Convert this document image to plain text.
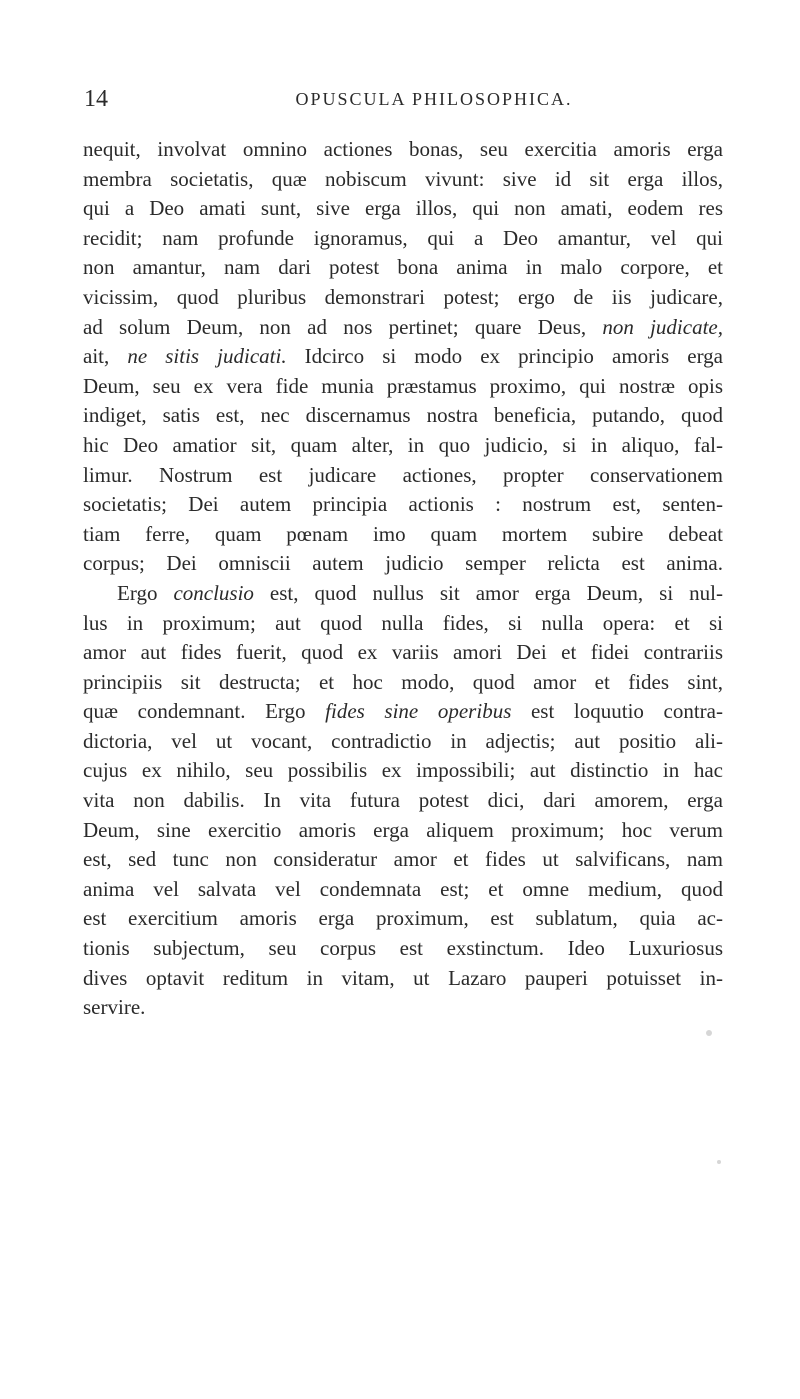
14	OPUSCULA PHILOSOPHICA.
nequit, involvat omnino actiones bonas, seu exercitia amoris erga
membra societatis, quæ nobiscum vivunt: sive id sit erga illos,
qui a Deo amati sunt, sive erga illos, qui non amati, eodem res
recidit; nam profunde ignoramus, qui a Deo amantur, vel qui
non amantur, nam dari potest bona anima in malo corpore, et
vicissim, quod pluribus demonstrari potest; ergo de iis judicare,
ad solum Deum, non ad nos pertinet; quare Deus, non judicate,
ait, ne sitis judicati. Idcirco si modo ex principio amoris erga
Deum, seu ex vera fide munia præstamus proximo, qui nostræ opis
indiget, satis est, nec discernamus nostra beneficia, putando, quod
hic Deo amatior sit, quam alter, in quo judicio, si in aliquo, fal-
limur. Nostrum est judicare actiones, propter conservationem
societatis; Dei autem principia actionis : nostrum est, senten-
tiam ferre, quam pœnam imo quam mortem subire debeat
corpus; Dei omniscii autem judicio semper relicta est anima.
Ergo conclusio est, quod nullus sit amor erga Deum, si nul-
lus in proximum; aut quod nulla fides, si nulla opera: et si
amor aut fides fuerit, quod ex variis amori Dei et fidei contrariis
principiis sit destructa; et hoc modo, quod amor et fides sint,
quæ condemnant. Ergo fides sine operibus est loquutio contra-
dictoria, vel ut vocant, contradictio in adjectis; aut positio ali-
cujus ex nihilo, seu possibilis ex impossibili; aut distinctio in hac
vita non dabilis. In vita futura potest dici, dari amorem, erga
Deum, sine exercitio amoris erga aliquem proximum; hoc verum
est, sed tunc non consideratur amor et fides ut salvificans, nam
anima vel salvata vel condemnata est; et omne medium, quod
est exercitium amoris erga proximum, est sublatum, quia ac-
tionis subjectum, seu corpus est exstinctum. Ideo Luxuriosus
dives optavit reditum in vitam, ut Lazaro pauperi potuisset in-
servire.
